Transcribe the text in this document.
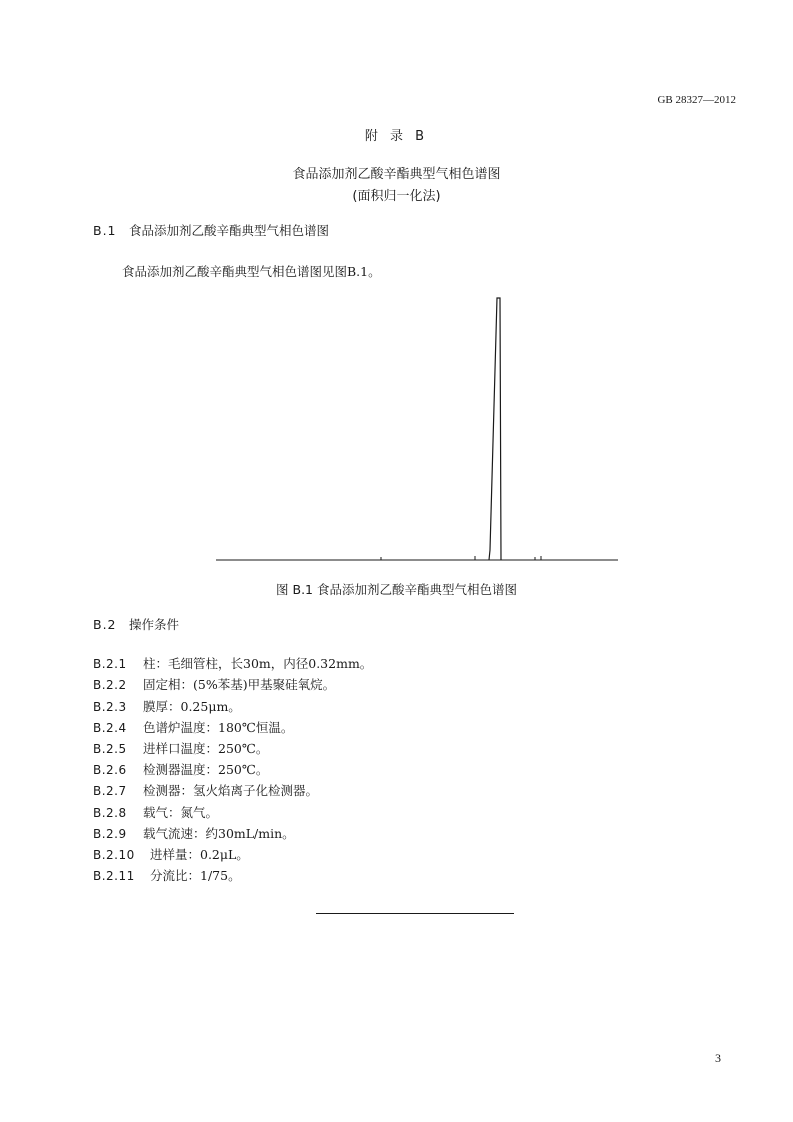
GB 28327—2012
附 录 B
食品添加剂乙酸辛酯典型气相色谱图
(面积归一化法)
B.1 食品添加剂乙酸辛酯典型气相色谱图
食品添加剂乙酸辛酯典型气相色谱图见图B.1。
图 B.1 食品添加剂乙酸辛酯典型气相色谱图
B.2 操作条件
B.2.1 柱：毛细管柱，长30m，内径0.32mm。
B.2.2 固定相：(5%苯基)甲基聚硅氧烷。
B.2.3 膜厚：0.25μm。
B.2.4 色谱炉温度：180℃恒温。
B.2.5 进样口温度：250℃。
B.2.6 检测器温度：250℃。
B.2.7 检测器：氢火焰离子化检测器。
B.2.8 载气：氮气。
B.2.9 载气流速：约30mL/min。
B.2.10 进样量：0.2μL。
B.2.11 分流比：1/75。
3
